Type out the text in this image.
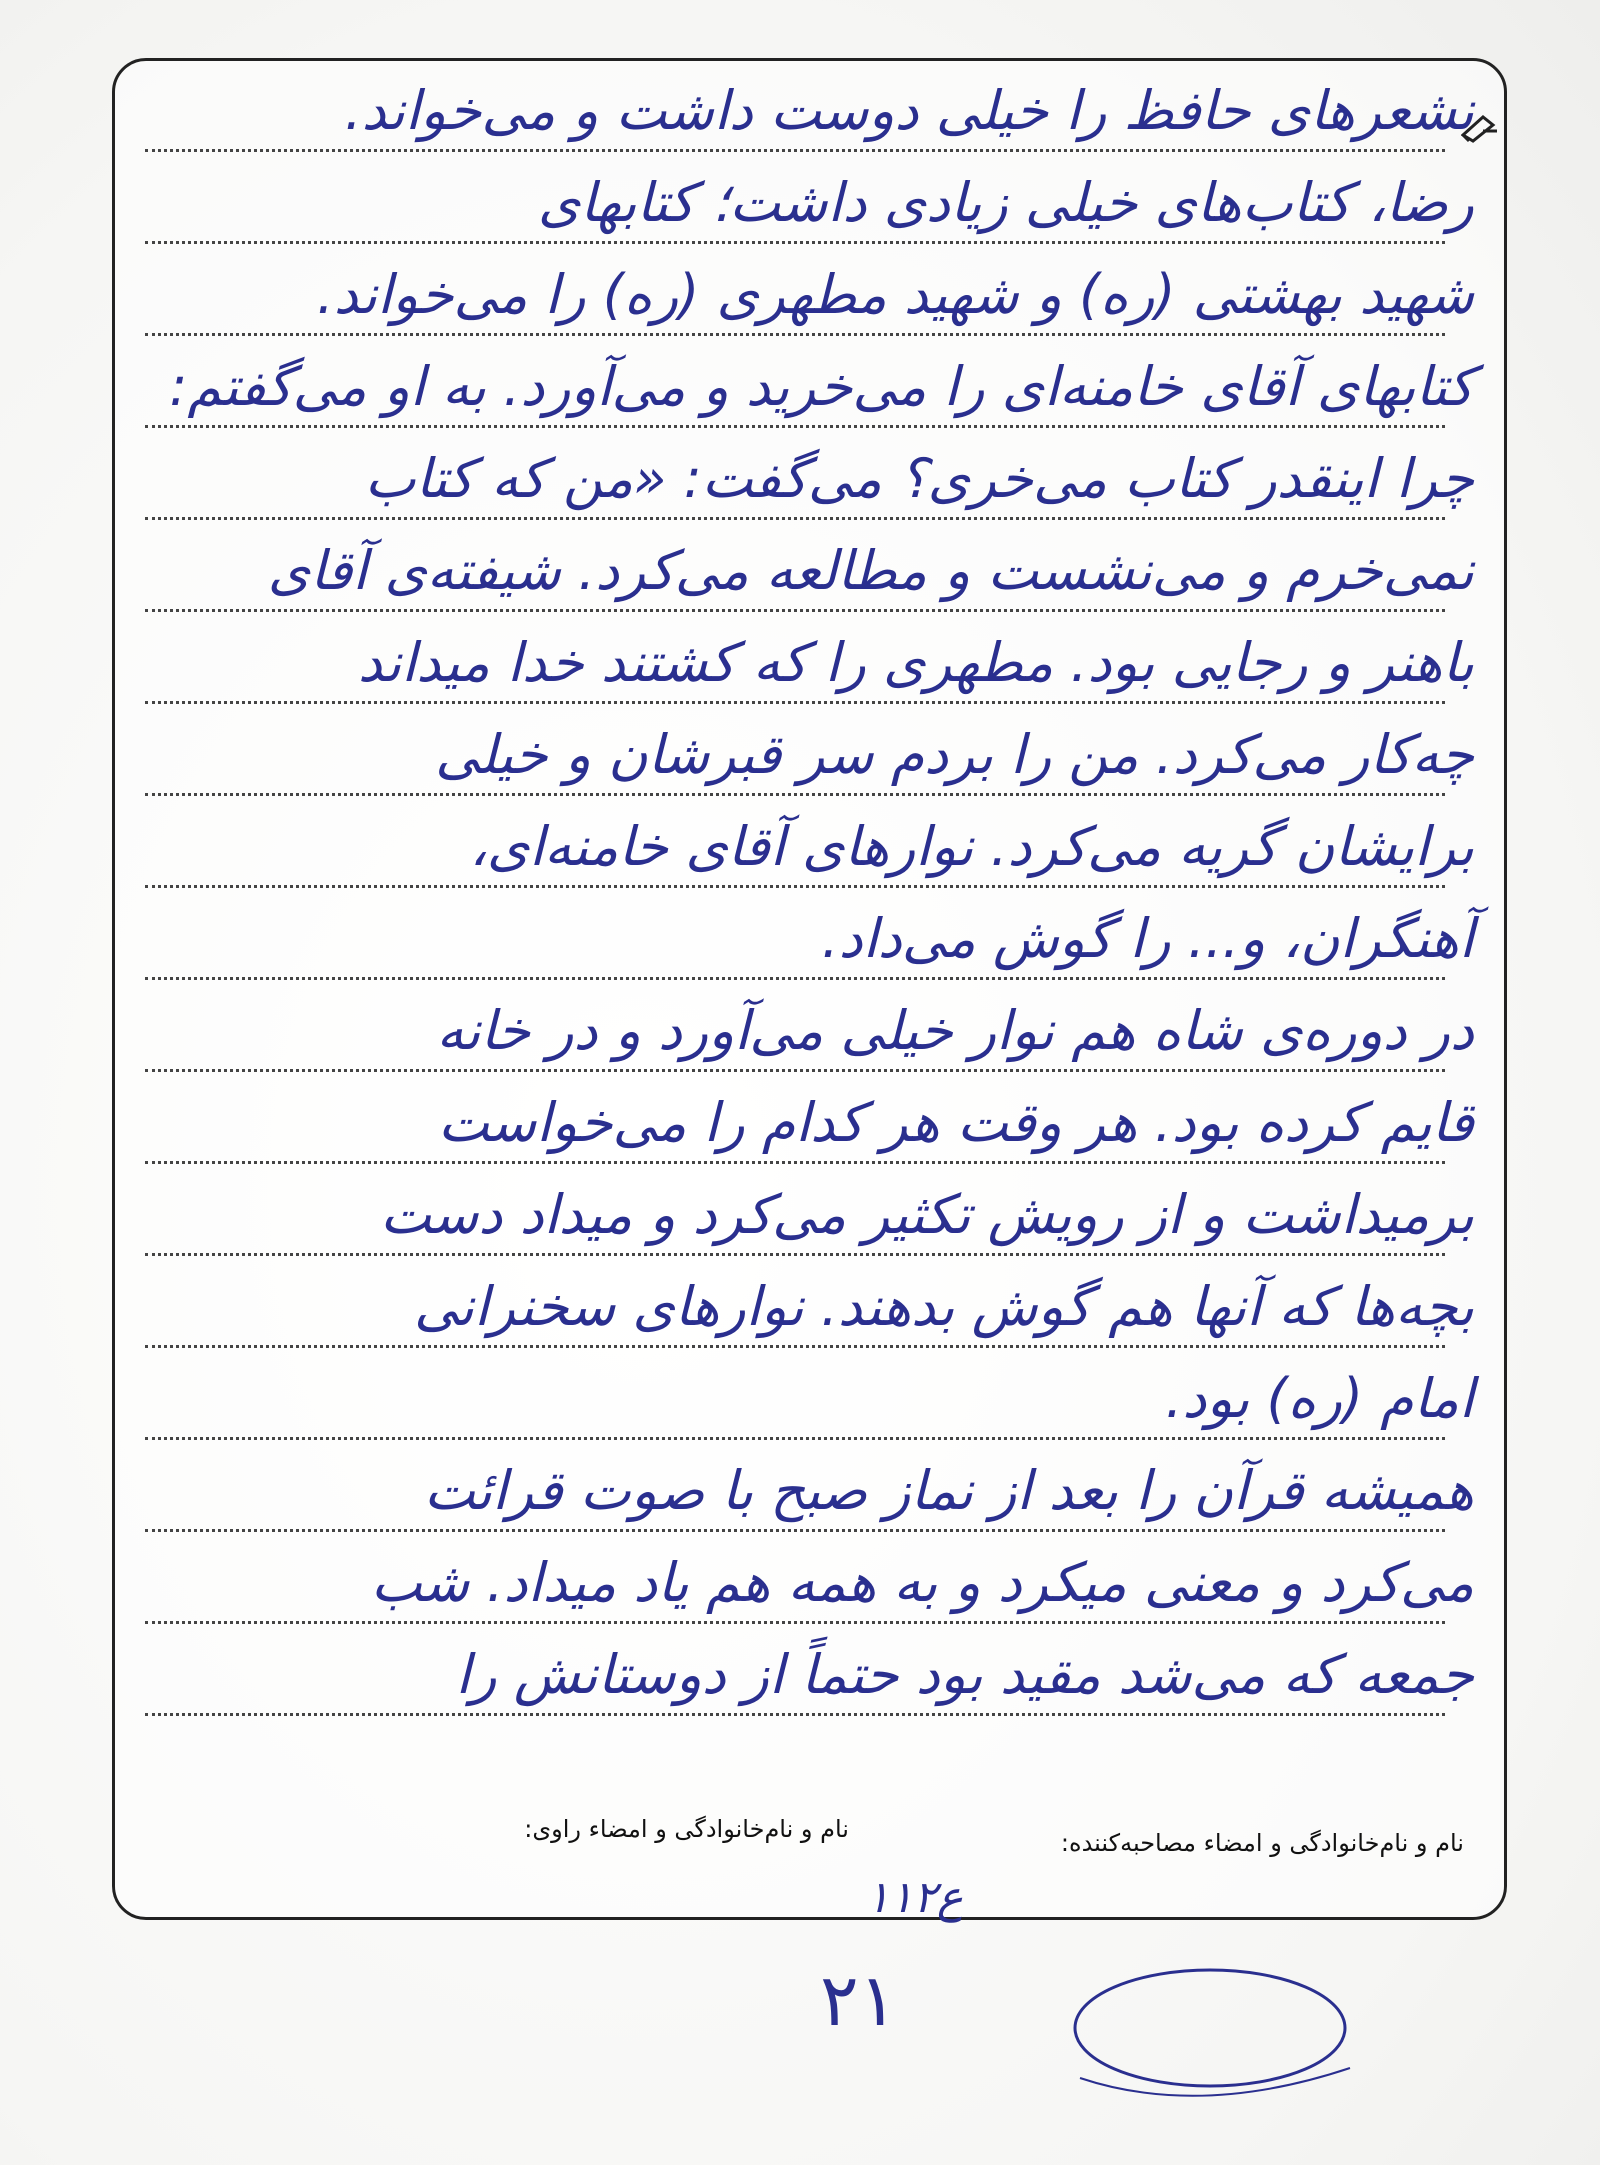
نشعرهای حافظ را خیلی دوست داشت و می‌خواند.
رضا، کتاب‌های خیلی زیادی داشت؛ کتابهای
شهید بهشتی (ره) و شهید مطهری (ره) را می‌خواند.
کتابهای آقای خامنه‌ای را می‌خرید و می‌آورد. به او می‌گفتم:
چرا اینقدر کتاب می‌خری؟ می‌گفت: «من که کتاب
نمی‌خرم و می‌نشست و مطالعه می‌کرد. شیفته‌ی آقای
باهنر و رجایی بود. مطهری را که کشتند خدا میداند
چه‌کار می‌کرد. من را بردم سر قبرشان و خیلی
برایشان گریه می‌کرد. نوارهای آقای خامنه‌ای،
آهنگران، و... را گوش می‌داد.
در دوره‌ی شاه هم نوار خیلی می‌آورد و در خانه
قایم کرده بود. هر وقت هر کدام را می‌خواست
برمیداشت و از رویش تکثیر می‌کرد و میداد دست
بچه‌ها که آنها هم گوش بدهند. نوارهای سخنرانی
امام (ره) بود.
همیشه قرآن را بعد از نماز صبح با صوت قرائت
می‌کرد و معنی میکرد و به همه هم یاد میداد. شب
جمعه که می‌شد مقید بود حتماً از دوستانش را
نام و نام‌خانوادگی و امضاء مصاحبه‌کننده:
نام و نام‌خانوادگی و امضاء راوی:
۱۱۲ع
۲۱
